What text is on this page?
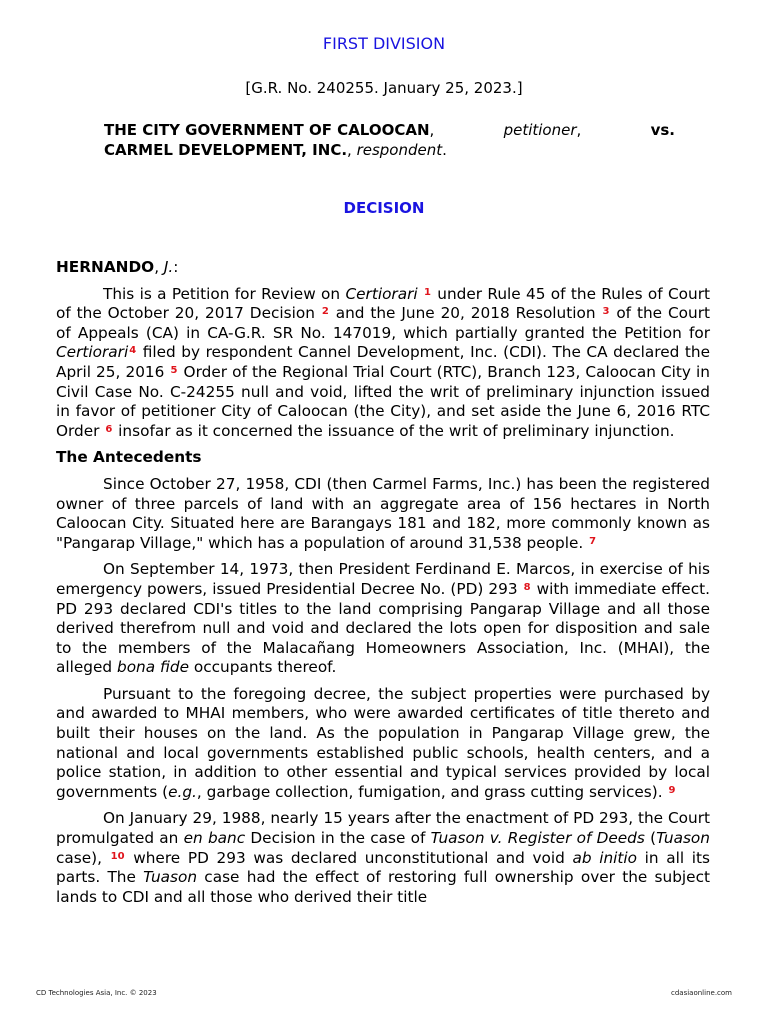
FIRST DIVISION
[G.R. No. 240255. January 25, 2023.]
THE CITY GOVERNMENT OF CALOOCAN,	petitioner,	vs.
CARMEL DEVELOPMENT, INC., respondent.
DECISION
HERNANDO, J.:

This is a Petition for Review on Certiorari $^1$ under Rule 45 of the Rules of Court of the October 20, 2017 Decision $^2$ and the June 20, 2018 Resolution $^3$ of the Court of Appeals (CA) in CA-G.R. SR No. 147019, which partially granted the Petition for Certiorari$^4$ filed by respondent Cannel Development, Inc. (CDI). The CA declared the April 25, 2016 $^5$ Order of the Regional Trial Court (RTC), Branch 123, Caloocan City in Civil Case No. C-24255 null and void, lifted the writ of preliminary injunction issued in favor of petitioner City of Caloocan (the City), and set aside the June 6, 2016 RTC Order $^6$ insofar as it concerned the issuance of the writ of preliminary injunction.

The Antecedents

Since October 27, 1958, CDI (then Carmel Farms, Inc.) has been the registered owner of three parcels of land with an aggregate area of 156 hectares in North Caloocan City. Situated here are Barangays 181 and 182, more commonly known as "Pangarap Village," which has a population of around 31,538 people. $^7$

On September 14, 1973, then President Ferdinand E. Marcos, in exercise of his emergency powers, issued Presidential Decree No. (PD) 293 $^8$ with immediate effect. PD 293 declared CDI's titles to the land comprising Pangarap Village and all those derived therefrom null and void and declared the lots open for disposition and sale to the members of the Malacañang Homeowners Association, Inc. (MHAI), the alleged bona fide occupants thereof.

Pursuant to the foregoing decree, the subject properties were purchased by and awarded to MHAI members, who were awarded certificates of title thereto and built their houses on the land. As the population in Pangarap Village grew, the national and local governments established public schools, health centers, and a police station, in addition to other essential and typical services provided by local governments (e.g., garbage collection, fumigation, and grass cutting services). $^9$

On January 29, 1988, nearly 15 years after the enactment of PD 293, the Court promulgated an en banc Decision in the case of Tuason v. Register of Deeds (Tuason case), $^{10}$ where PD 293 was declared unconstitutional and void ab initio in all its parts. The Tuason case had the effect of restoring full ownership over the subject lands to CDI and all those who derived their title

CD Technologies Asia, Inc. © 2023	cdasiaonline.com
